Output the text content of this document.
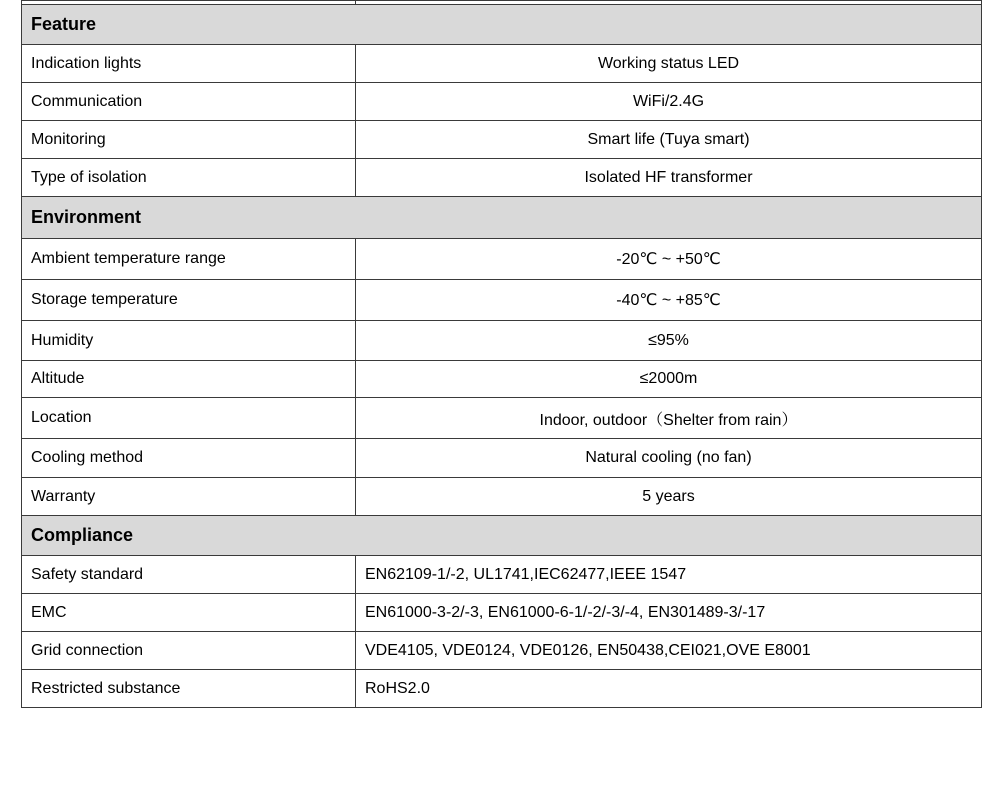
Feature	
Indication lights	Working status LED
Communication	WiFi/2.4G
Monitoring	Smart life (Tuya smart)
Type of isolation	Isolated HF transformer
Environment	
Ambient temperature range	-20℃ ~ +50℃
Storage temperature	-40℃ ~ +85℃
Humidity	≤95%
Altitude	≤2000m
Location	Indoor, outdoor（Shelter from rain）
Cooling method	Natural cooling (no fan)
Warranty	5 years
Compliance	
Safety standard	EN62109-1/-2, UL1741,IEC62477,IEEE 1547
EMC	EN61000-3-2/-3, EN61000-6-1/-2/-3/-4, EN301489-3/-17
Grid connection	VDE4105, VDE0124, VDE0126, EN50438,CEI021,OVE E8001
Restricted substance	RoHS2.0
